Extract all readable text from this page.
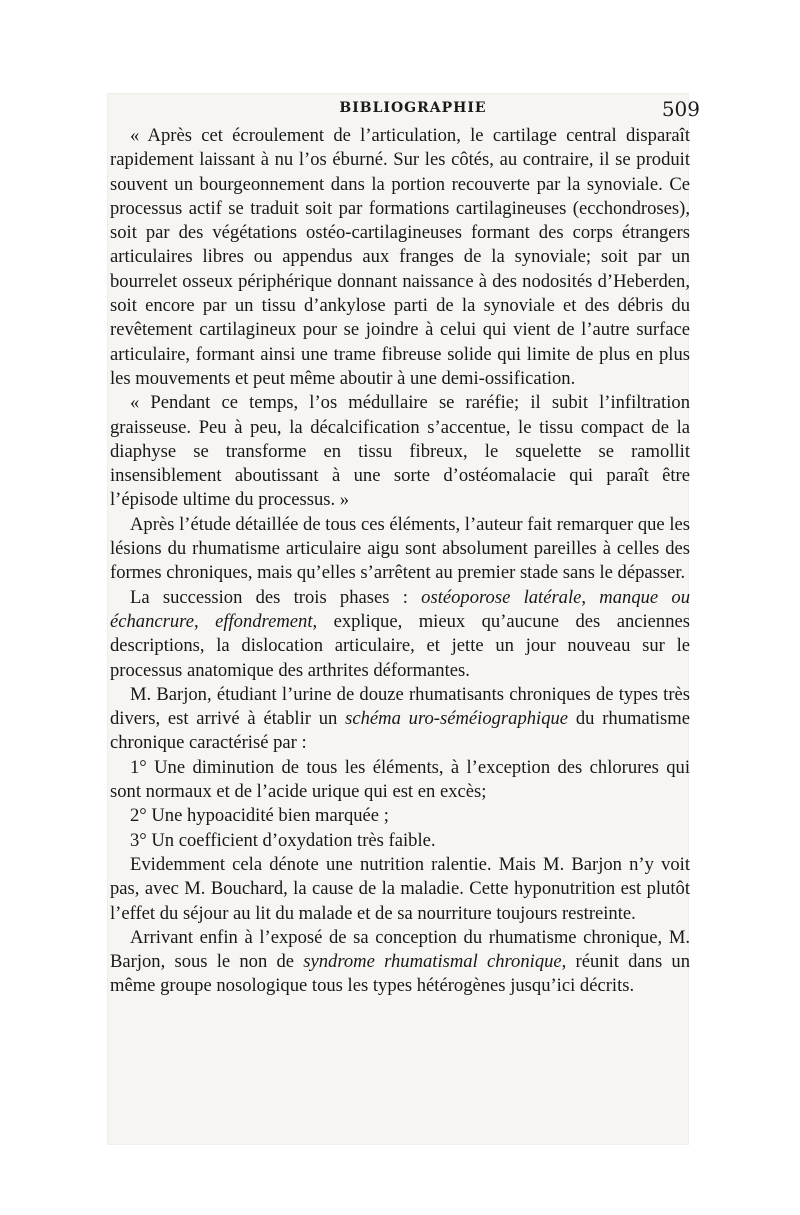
BIBLIOGRAPHIE	509

« Après cet écroulement de l’articulation, le cartilage central disparaît rapidement laissant à nu l’os éburné. Sur les côtés, au contraire, il se produit souvent un bourgeonnement dans la portion recouverte par la synoviale. Ce processus actif se traduit soit par formations cartilagineuses (ecchondroses), soit par des végétations ostéo-cartilagineuses formant des corps étrangers articulaires libres ou appendus aux franges de la synoviale; soit par un bourrelet osseux périphérique donnant naissance à des nodosités d’Heberden, soit encore par un tissu d’ankylose parti de la synoviale et des débris du revêtement cartilagineux pour se joindre à celui qui vient de l’autre surface articulaire, formant ainsi une trame fibreuse solide qui limite de plus en plus les mouvements et peut même aboutir à une demi-ossification.

« Pendant ce temps, l’os médullaire se raréfie; il subit l’infiltration graisseuse. Peu à peu, la décalcification s’accentue, le tissu compact de la diaphyse se transforme en tissu fibreux, le squelette se ramollit insensiblement aboutissant à une sorte d’ostéomalacie qui paraît être l’épisode ultime du processus. »

Après l’étude détaillée de tous ces éléments, l’auteur fait remarquer que les lésions du rhumatisme articulaire aigu sont absolument pareilles à celles des formes chroniques, mais qu’elles s’arrêtent au premier stade sans le dépasser.

La succession des trois phases : ostéoporose latérale, manque ou échancrure, effondrement, explique, mieux qu’aucune des anciennes descriptions, la dislocation articulaire, et jette un jour nouveau sur le processus anatomique des arthrites déformantes.

M. Barjon, étudiant l’urine de douze rhumatisants chroniques de types très divers, est arrivé à établir un schéma uro-séméiographique du rhumatisme chronique caractérisé par :

1° Une diminution de tous les éléments, à l’exception des chlorures qui sont normaux et de l’acide urique qui est en excès;

2° Une hypoacidité bien marquée ;

3° Un coefficient d’oxydation très faible.

Evidemment cela dénote une nutrition ralentie. Mais M. Barjon n’y voit pas, avec M. Bouchard, la cause de la maladie. Cette hyponutrition est plutôt l’effet du séjour au lit du malade et de sa nourriture toujours restreinte.

Arrivant enfin à l’exposé de sa conception du rhumatisme chronique, M. Barjon, sous le non de syndrome rhumatismal chronique, réunit dans un même groupe nosologique tous les types hétérogènes jusqu’ici décrits.
